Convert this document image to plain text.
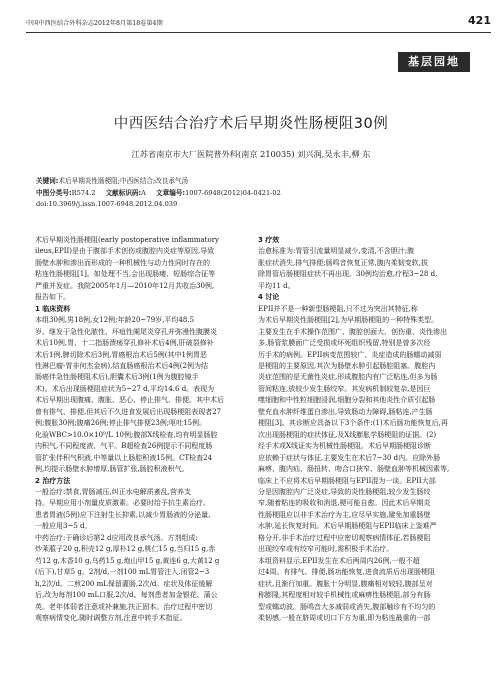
中国中西医结合外科杂志2012年8月第18卷第4期	421
基层园地
中西医结合治疗术后早期炎性肠梗阻30例
江苏省南京市大厂医院普外科(南京 210035) 刘兴润,吴永丰,柳 东
关键词:术后早期炎性肠梗阻;中西医结合;改良承气汤
中图分类号:R574.2 文献标识码:A 文章编号:1007-6948(2012)04-0421-02
doi:10.3969/j.issn.1007-6948.2012.04.039
术后早期炎性肠梗阻(early postoperative inflammatory
ileus,EPII)是由于腹部手术创伤或腹腔内炎症等原因,导致
肠壁水肿和渗出而形成的一种机械性与动力性同时存在的
粘连性肠梗阻[1]。如处理不当,会出现肠瘘、短肠综合征等
严重并发症。我院2005年1月—2010年12月共收治30例,
报告如下。
1 临床资料
本组30例,男18例,女12例;年龄20~79岁,平均48.5
岁。继发于急性化脓性、坏疽性阑尾炎穿孔并弥漫性腹膜炎
术后10例,胃、十二指肠溃疡穿孔修补术后4例,肝破裂修补
术后1例,脾切除术后3例,胃癌根治术后5例(其中1例胃恶
性淋巴瘤-胃非何杰金病),结直肠癌根治术后4例(2例为结
肠癌伴急性肠梗阻术后),胆囊术后3例(1例为腹腔镜手
术)。术后出现肠梗阻症状为5~27 d,平均14.6 d。表现为
术后早期出现腹痛、腹胀、恶心、停止排气、排便。其中术后
曾有排气、排便,但其后不久进食发展后出现肠梗阻表现者27
例;腹胀30例;腹痛26例;停止排气排便23例;呕吐15例。
化验WBC>10.0×10⁹/L 10例;腹部X线检查,均有明显肠腔
内积气,不同程度液、气平。B超检查26例提示不同程度肠
管扩张伴积气积液,中等量以上肠腔积液15例。CT检查24
例,均提示肠壁水肿增厚,肠管扩张,肠腔积液积气。
2 治疗方法
一般治疗:禁食,胃肠减压,纠正水电解质紊乱,营养支
持。早期应用小剂量皮质激素。必要时给予抗生素治疗。
患者胃液(5例)应下注射生长抑素,以减少胃肠液的分泌量,
一般应用3~5 d。
中药治疗:于确诊后第2 d应用改良承气汤。方剂组成:
炒莱菔子20 g,积壳12 g,厚朴12 g,桃仁15 g,当归15 g,赤
芍12 g,木香10 g,乌药15 g,炮山甲15 g,黄连6 g,大黄12 g
(后下),甘草5 g。2剂/d,一剂100 mL胃管注入,闭管2~3
h,2次/d。二煎200 mL保留灌肠,2次/d。症状及体征缓解
后,改为每剂100 mL口服,2次/d。每剂患者加金银花、蒲公
英。老年体弱者注意或补兼施,扶正固本。治疗过程中密切
观察病情变化,随时调整方剂,注意中转手术指征。
3 疗效
治愈标准为:胃管引流量明显减少,变清,不含胆汁;腹
胀症状消失,排气排便;肠鸣音恢复正常,腹内柔韧变软,拔
除胃管后肠梗阻症状不再出现。30例均治愈,疗程3~28 d,
平均11 d。
4 讨论
EPII并不是一种新型肠梗阻,只不过为突出其特征,称
为术后早期炎性肠梗阻[2],为早期肠梗阻的一种特殊类型。
主要发生在手术操作范围广、腹腔创面大、创伤重、炎性渗出
多,肠管浆膜面广泛受损或坏死组织残留,特别是曾多次经
历手术的病例。EPII病变范围较广、炎症造成的肠蠕动减弱
是梗阻的主要原因,其次为肠壁水肿引起肠腔阻塞。腹腔内
炎症范围的是无菌性炎症,形成腹腔内有广泛粘连,但多为肠
管间粘连,放较少发生肠绞窄。其发病机制较复杂,是因巨
噬细胞和中性粒细胞浸润,细胞分裂和其他炎性介质引起肠
壁充血水肿纤维蛋白渗出,导致肠动力障碍,肠粘连,产生肠
梗阻[3]。其诊断应具备以下3个条件:(1)术后肠功能恢复后,再
次出现肠梗阻的症状体征,及X线膨胀学肠梗阻的证据。(2)
经手术或X线证实为机械性肠梗阻。术后早期肠梗阻诊断
应依赖于症状与体征,主要发生在术后7~30 d内。应除外肠
麻痹、腹内疝、肠扭转、吻合口狭窄、肠壁血肿等机械因素等,
临床上不应将术后早期肠梗阻与EPII混为一谈。EPII大部
分是因腹腔内广泛炎症,导致的炎性肠梗阻,较少发生肠绞
窄,随着粘连的吸收和消退,梗可能自愈。因此术后早期炎
性肠梗阻应以非手术治疗为主,应尽早实施,避免加重肠壁
水肿,延长恢复时间。术后早期肠梗阻与EPII临床上鉴难严
格分开,非手术治疗过程中应密切观察病情体征,若肠梗阻
出现绞窄或有绞窄可能时,需积极手术治疗。
本组资料显示,EPII发生在术后两周内26例,一般不超
过4周。有排气、排便,肠功能恢复,进食流质后出现肠梗阻
症状,且渐行加重。腹胀十分明显,腹痛相对较轻,腹部呈对
称膨隆,其程度相对较手机械性或麻痹性肠梗阻,部分有肠
型或蠕动波。肠鸣音大多减弱或消失,腹部触诊有不均匀的
柔韧感,一般在脐周或切口下方为重,即为粘连最重的一部
